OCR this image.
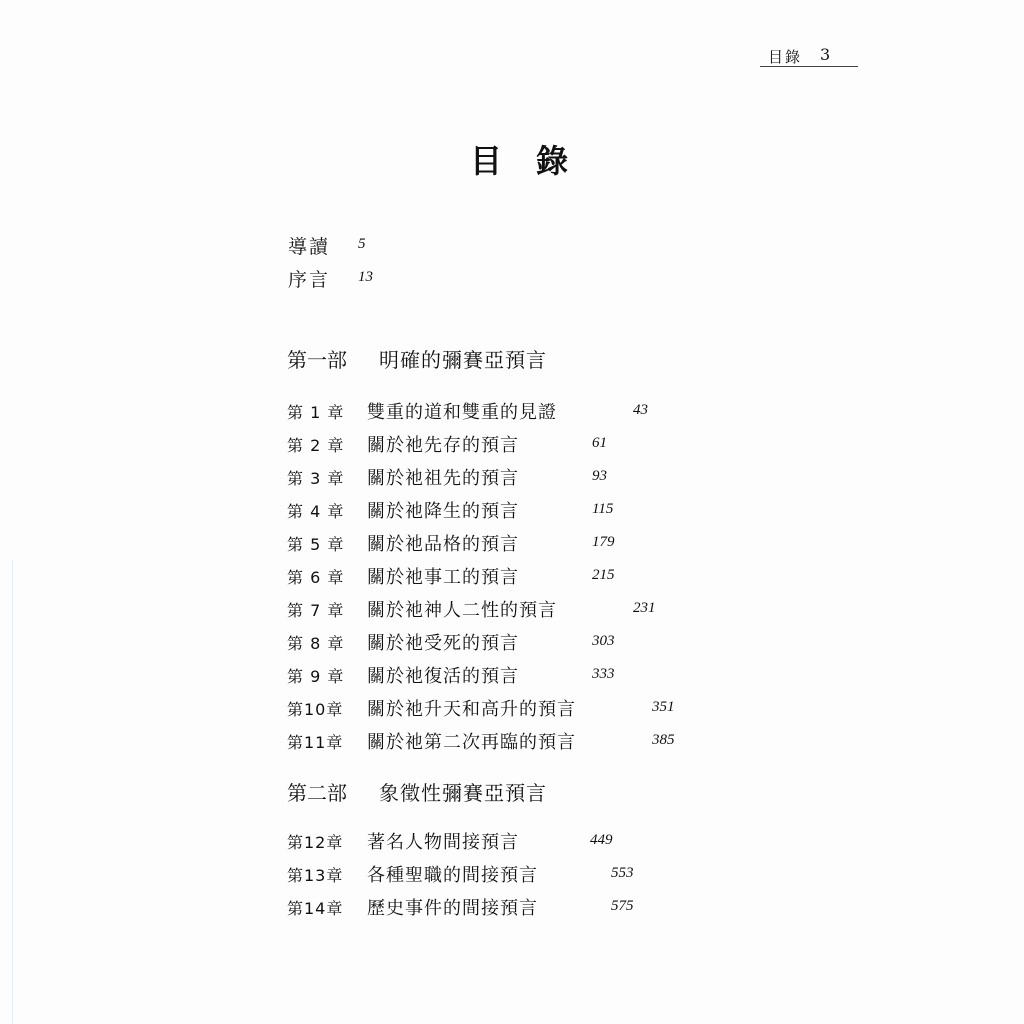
目錄 3
目錄
導讀 5
序言 13
第一部 明確的彌賽亞預言
第 1 章 雙重的道和雙重的見證	43
第 2 章 關於祂先存的預言	61
第 3 章 關於祂祖先的預言	93
第 4 章 關於祂降生的預言	115
第 5 章 關於祂品格的預言	179
第 6 章 關於祂事工的預言	215
第 7 章 關於祂神人二性的預言	231
第 8 章 關於祂受死的預言	303
第 9 章 關於祂復活的預言	333
第10章 關於祂升天和高升的預言	351
第11章 關於祂第二次再臨的預言	385
第二部 象徵性彌賽亞預言
第12章 著名人物間接預言	449
第13章 各種聖職的間接預言	553
第14章 歷史事件的間接預言	575
